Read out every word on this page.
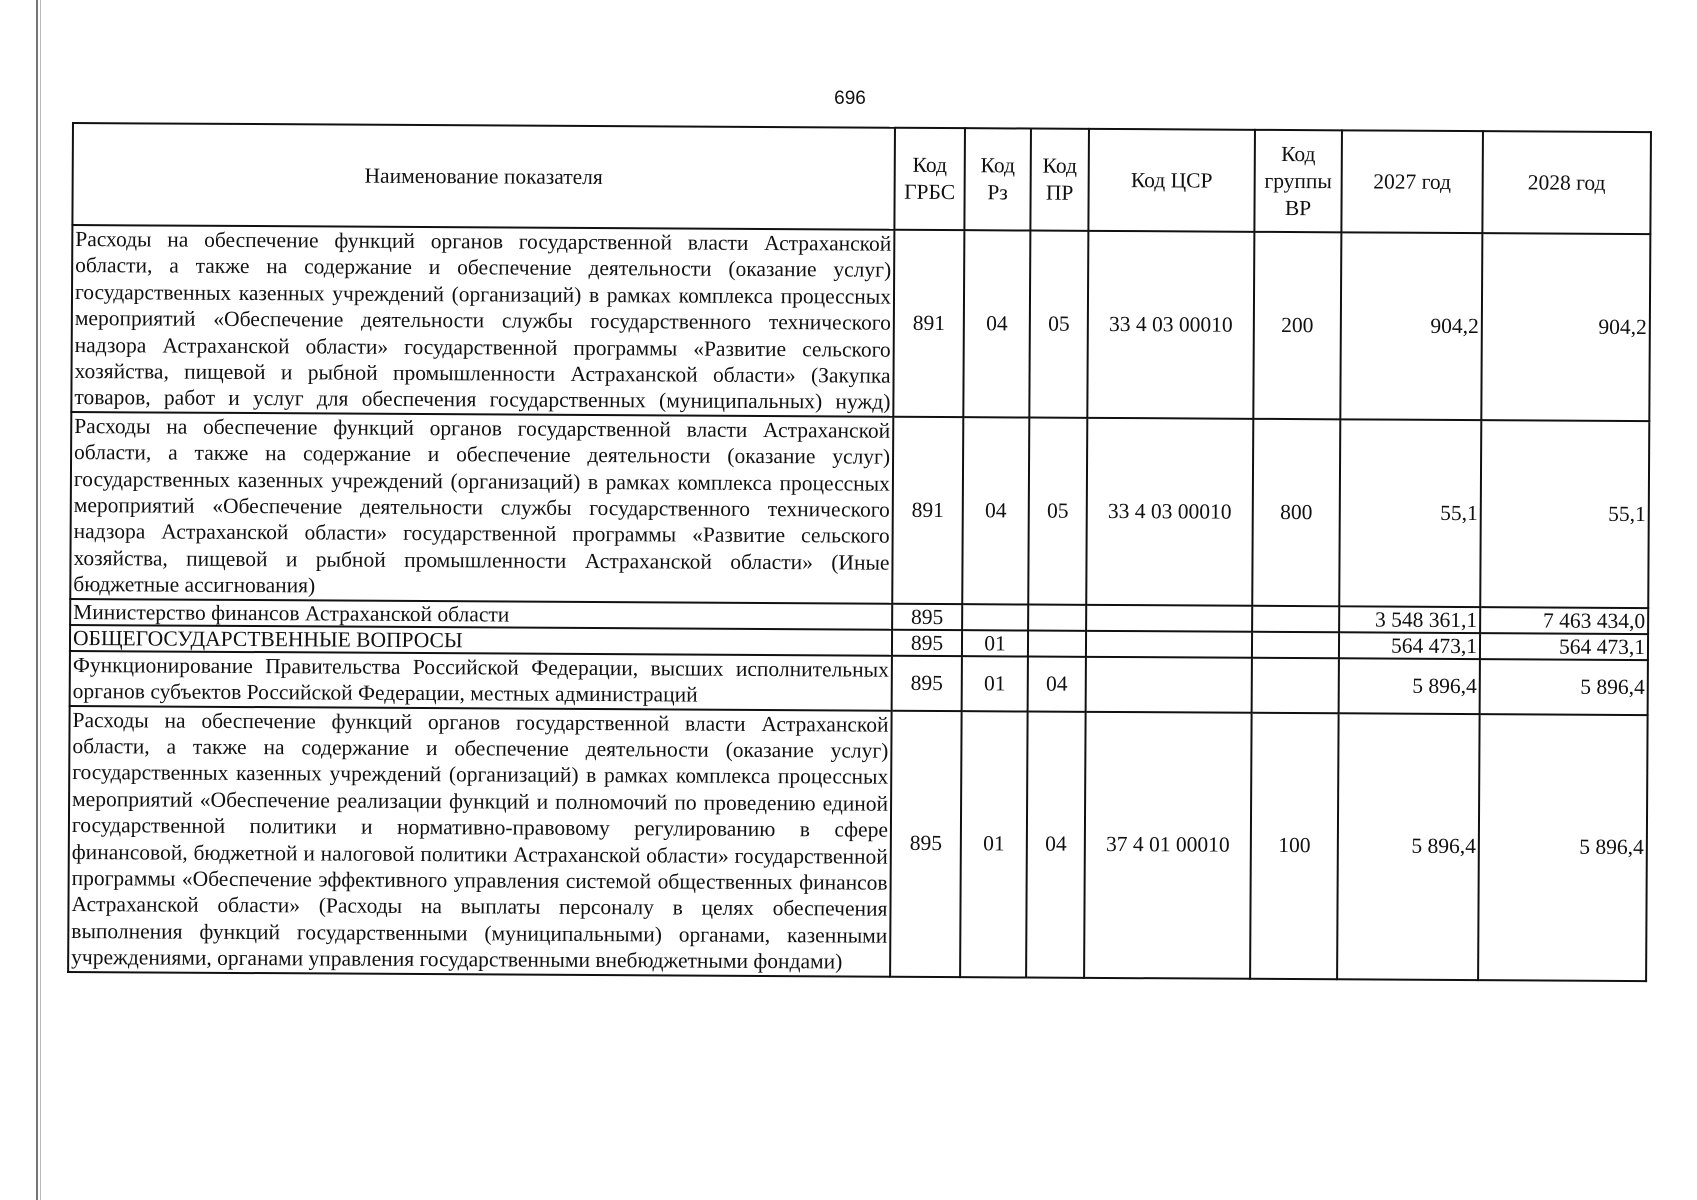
696
Наименование показателя	Код ГРБС	Код Рз	Код ПР	Код ЦСР	Код группы ВР	2027 год	2028 год
Расходы на обеспечение функций органов государственной власти Астраханской области, а также на содержание и обеспечение деятельности (оказание услуг) государственных казенных учреждений (организаций) в рамках комплекса процессных мероприятий «Обеспечение деятельности службы государственного технического надзора Астраханской области» государственной программы «Развитие сельского хозяйства, пищевой и рыбной промышленности Астраханской области» (Закупка товаров, работ и услуг для обеспечения государственных (муниципальных) нужд)	891	04	05	33 4 03 00010	200	904,2	904,2
Расходы на обеспечение функций органов государственной власти Астраханской области, а также на содержание и обеспечение деятельности (оказание услуг) государственных казенных учреждений (организаций) в рамках комплекса процессных мероприятий «Обеспечение деятельности службы государственного технического надзора Астраханской области» государственной программы «Развитие сельского хозяйства, пищевой и рыбной промышленности Астраханской области» (Иные бюджетные ассигнования)	891	04	05	33 4 03 00010	800	55,1	55,1
Министерство финансов Астраханской области	895					3 548 361,1	7 463 434,0
ОБЩЕГОСУДАРСТВЕННЫЕ ВОПРОСЫ	895	01				564 473,1	564 473,1
Функционирование Правительства Российской Федерации, высших исполнительных органов субъектов Российской Федерации, местных администраций	895	01	04			5 896,4	5 896,4
Расходы на обеспечение функций органов государственной власти Астраханской области, а также на содержание и обеспечение деятельности (оказание услуг) государственных казенных учреждений (организаций) в рамках комплекса процессных мероприятий «Обеспечение реализации функций и полномочий по проведению единой государственной политики и нормативно-правовому регулированию в сфере финансовой, бюджетной и налоговой политики Астраханской области» государственной программы «Обеспечение эффективного управления системой общественных финансов Астраханской области» (Расходы на выплаты персоналу в целях обеспечения выполнения функций государственными (муниципальными) органами, казенными учреждениями, органами управления государственными внебюджетными фондами)	895	01	04	37 4 01 00010	100	5 896,4	5 896,4
